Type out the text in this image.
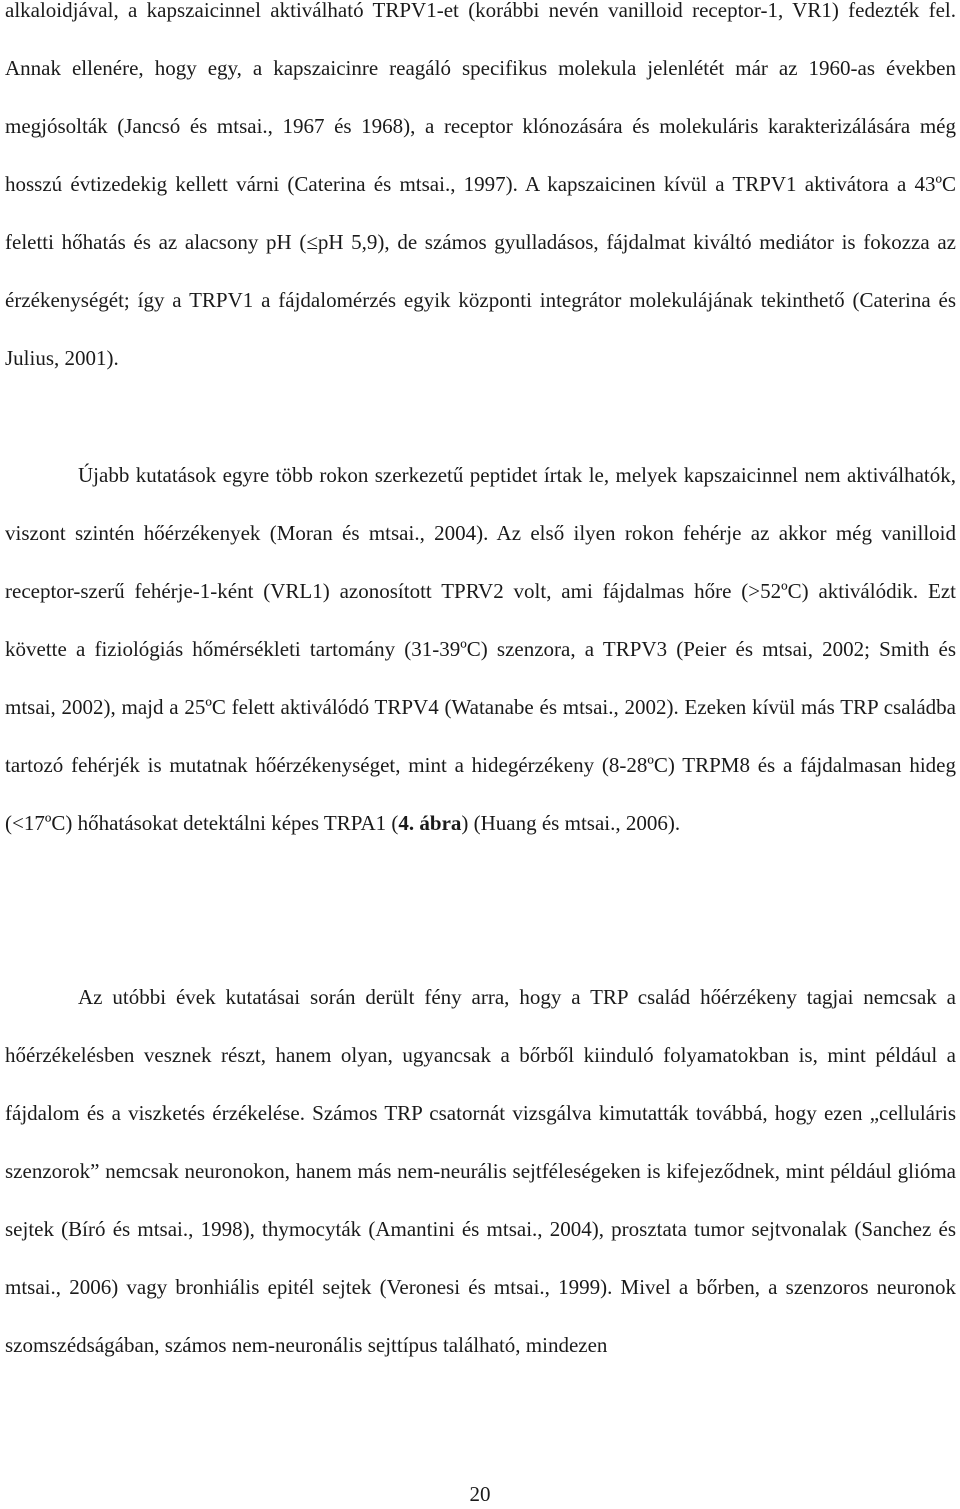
alkaloidjával, a kapszaicinnel aktiválható TRPV1-et (korábbi nevén vanilloid receptor-1, VR1) fedezték fel. Annak ellenére, hogy egy, a kapszaicinre reagáló specifikus molekula jelenlétét már az 1960-as években megjósolták (Jancsó és mtsai., 1967 és 1968), a receptor klónozására és molekuláris karakterizálására még hosszú évtizedekig kellett várni (Caterina és mtsai., 1997). A kapszaicinen kívül a TRPV1 aktivátora a 43ºC feletti hőhatás és az alacsony pH (≤pH 5,9), de számos gyulladásos, fájdalmat kiváltó mediátor is fokozza az érzékenységét; így a TRPV1 a fájdalomérzés egyik központi integrátor molekulájának tekinthető (Caterina és Julius, 2001).

Újabb kutatások egyre több rokon szerkezetű peptidet írtak le, melyek kapszaicinnel nem aktiválhatók, viszont szintén hőérzékenyek (Moran és mtsai., 2004). Az első ilyen rokon fehérje az akkor még vanilloid receptor-szerű fehérje-1-ként (VRL1) azonosított TPRV2 volt, ami fájdalmas hőre (>52ºC) aktiválódik. Ezt követte a fiziológiás hőmérsékleti tartomány (31-39ºC) szenzora, a TRPV3 (Peier és mtsai, 2002; Smith és mtsai, 2002), majd a 25ºC felett aktiválódó TRPV4 (Watanabe és mtsai., 2002). Ezeken kívül más TRP családba tartozó fehérjék is mutatnak hőérzékenységet, mint a hidegérzékeny (8-28ºC) TRPM8 és a fájdalmasan hideg (<17ºC) hőhatásokat detektálni képes TRPA1 (4. ábra) (Huang és mtsai., 2006).

Az utóbbi évek kutatásai során derült fény arra, hogy a TRP család hőérzékeny tagjai nemcsak a hőérzékelésben vesznek részt, hanem olyan, ugyancsak a bőrből kiinduló folyamatokban is, mint például a fájdalom és a viszketés érzékelése. Számos TRP csatornát vizsgálva kimutatták továbbá, hogy ezen „celluláris szenzorok” nemcsak neuronokon, hanem más nem-neurális sejtféleségeken is kifejeződnek, mint például glióma sejtek (Bíró és mtsai., 1998), thymocyták (Amantini és mtsai., 2004), prosztata tumor sejtvonalak (Sanchez és mtsai., 2006) vagy bronhiális epitél sejtek (Veronesi és mtsai., 1999). Mivel a bőrben, a szenzoros neuronok szomszédságában, számos nem-neuronális sejttípus található, mindezen

20
